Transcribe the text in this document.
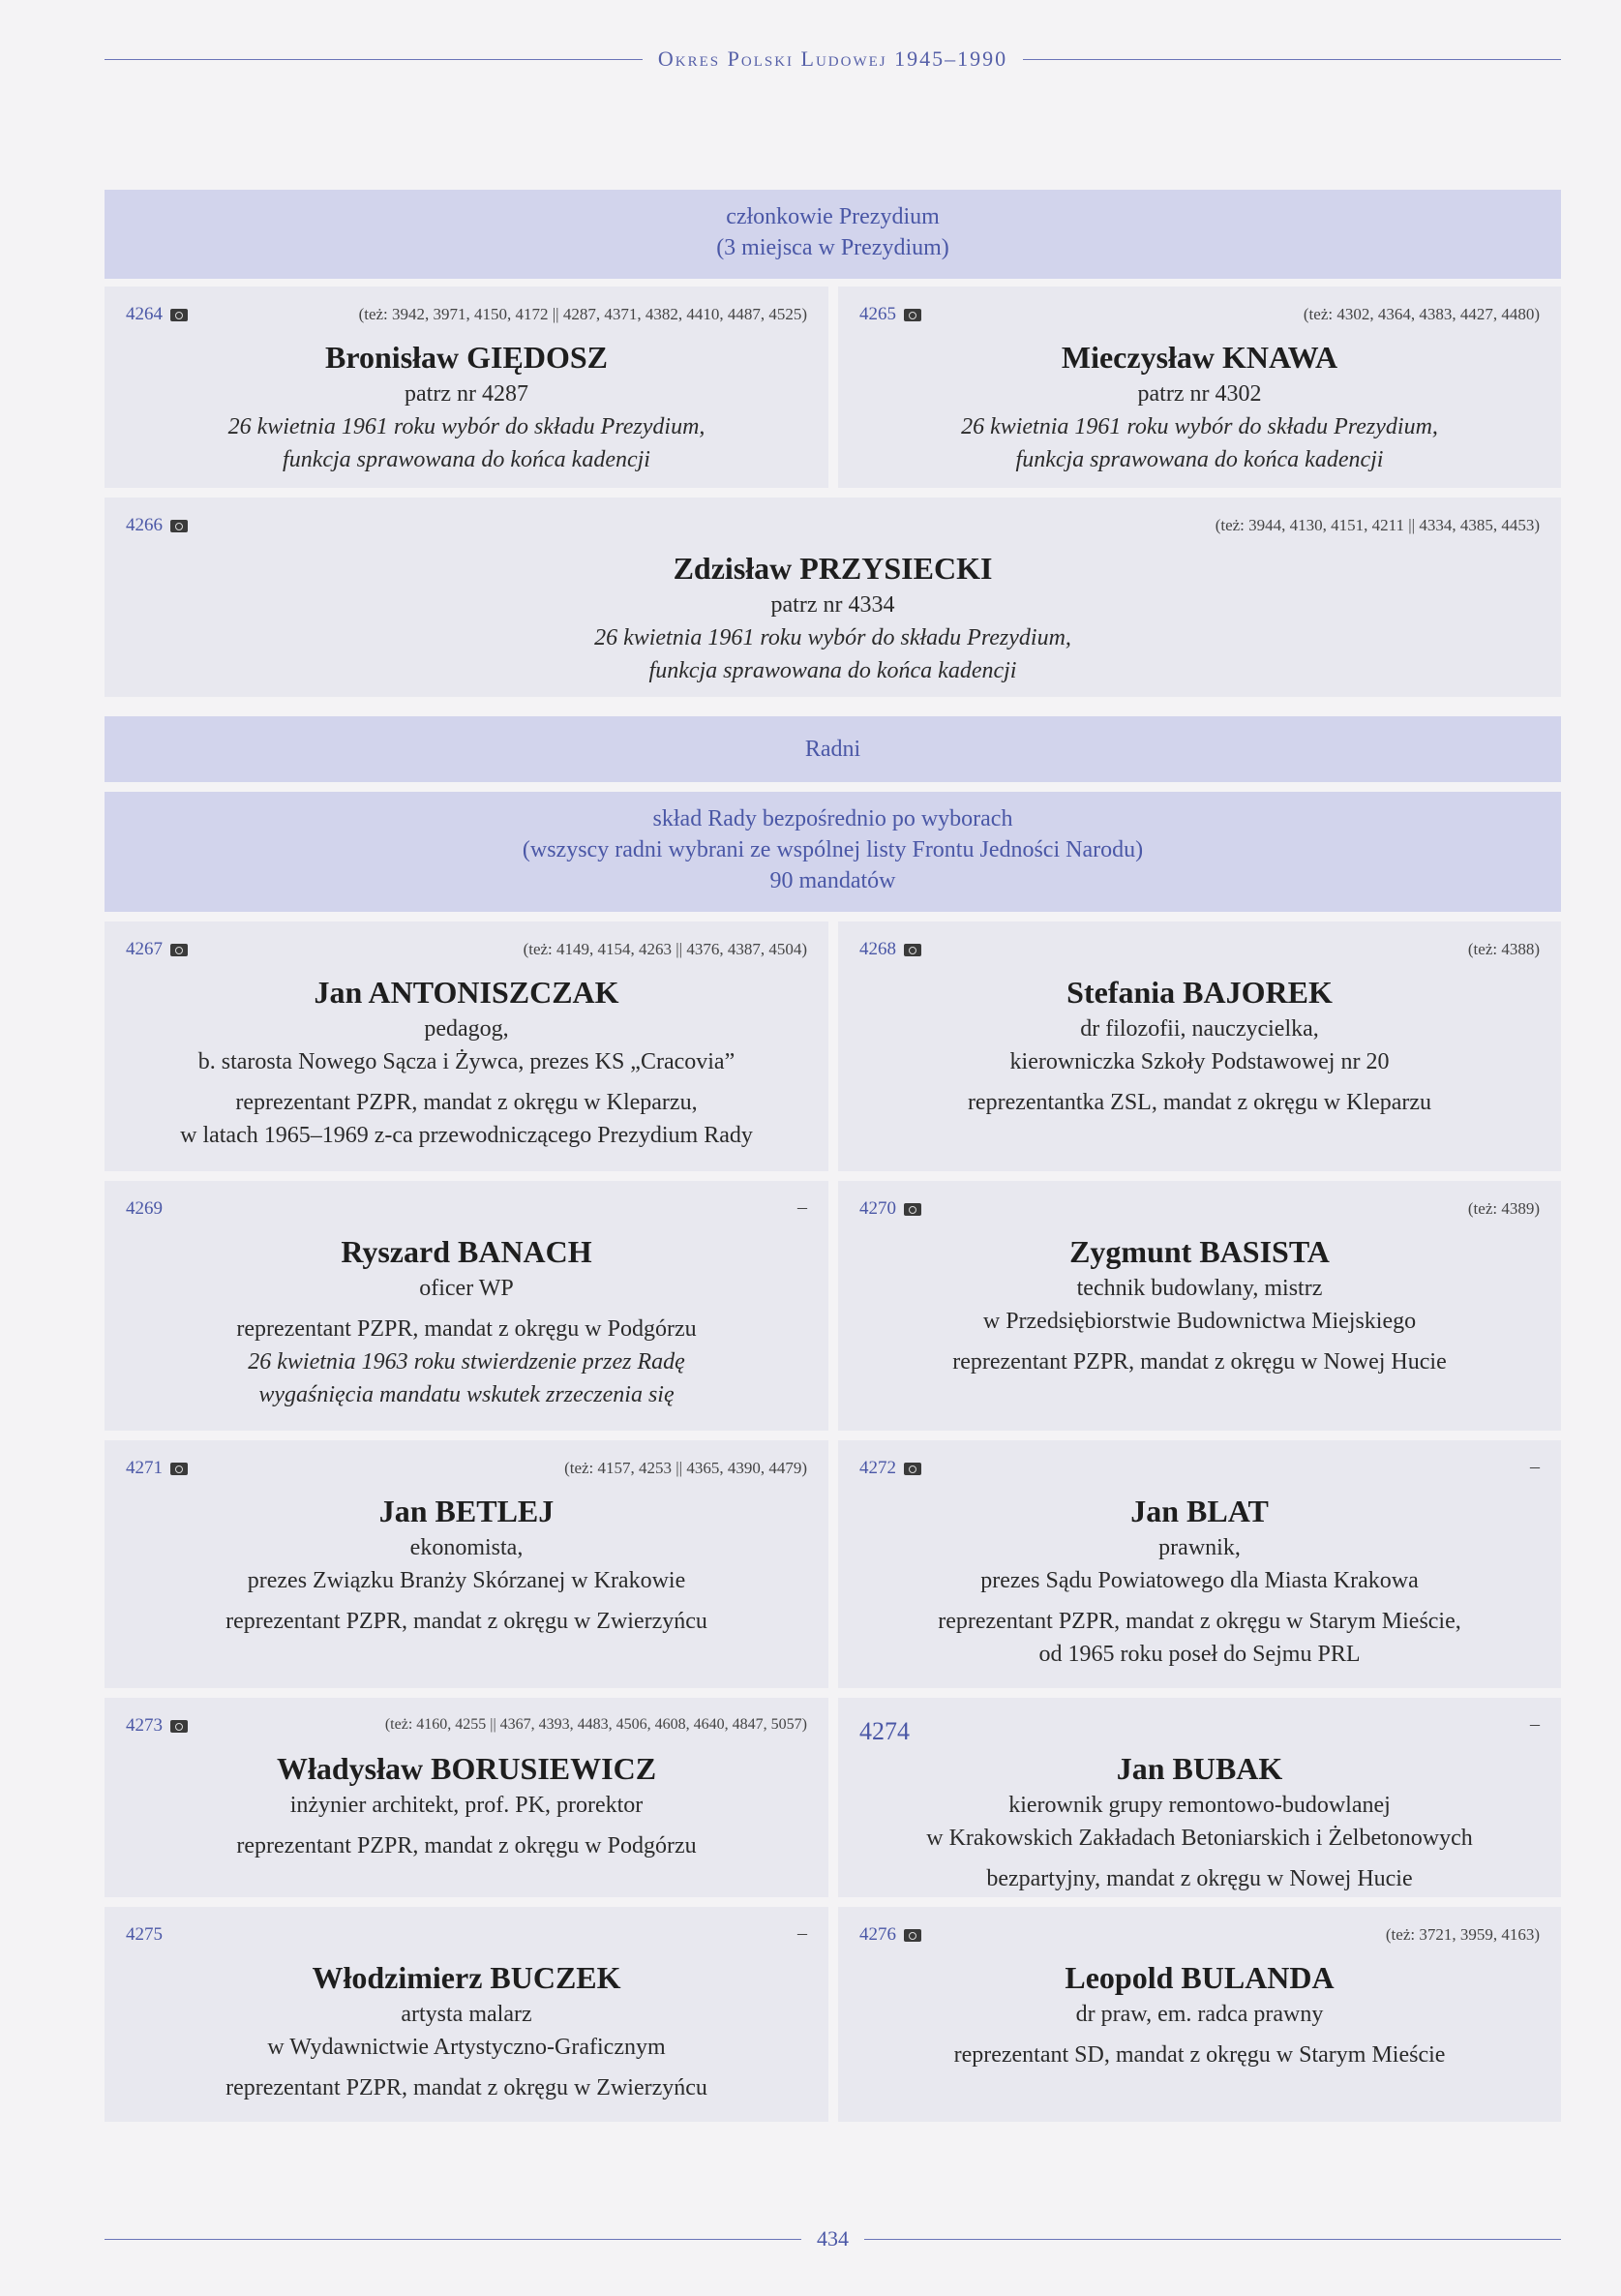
Okres Polski Ludowej 1945–1990
członkowie Prezydium
(3 miejsca w Prezydium)
4264	(też: 3942, 3971, 4150, 4172 || 4287, 4371, 4382, 4410, 4487, 4525)
Bronisław GIĘDOSZ
patrz nr 4287
26 kwietnia 1961 roku wybór do składu Prezydium,
funkcja sprawowana do końca kadencji
4265	(też: 4302, 4364, 4383, 4427, 4480)
Mieczysław KNAWA
patrz nr 4302
26 kwietnia 1961 roku wybór do składu Prezydium,
funkcja sprawowana do końca kadencji
4266	(też: 3944, 4130, 4151, 4211 || 4334, 4385, 4453)
Zdzisław PRZYSIECKI
patrz nr 4334
26 kwietnia 1961 roku wybór do składu Prezydium,
funkcja sprawowana do końca kadencji
Radni
skład Rady bezpośrednio po wyborach
(wszyscy radni wybrani ze wspólnej listy Frontu Jedności Narodu)
90 mandatów
4267	(też: 4149, 4154, 4263 || 4376, 4387, 4504)
Jan ANTONISZCZAK
pedagog,
b. starosta Nowego Sącza i Żywca, prezes KS „Cracovia”
reprezentant PZPR, mandat z okręgu w Kleparzu,
w latach 1965–1969 z-ca przewodniczącego Prezydium Rady
4268	(też: 4388)
Stefania BAJOREK
dr filozofii, nauczycielka,
kierowniczka Szkoły Podstawowej nr 20
reprezentantka ZSL, mandat z okręgu w Kleparzu
4269	–
Ryszard BANACH
oficer WP
reprezentant PZPR, mandat z okręgu w Podgórzu
26 kwietnia 1963 roku stwierdzenie przez Radę
wygaśnięcia mandatu wskutek zrzeczenia się
4270	(też: 4389)
Zygmunt BASISTA
technik budowlany, mistrz
w Przedsiębiorstwie Budownictwa Miejskiego
reprezentant PZPR, mandat z okręgu w Nowej Hucie
4271	(też: 4157, 4253 || 4365, 4390, 4479)
Jan BETLEJ
ekonomista,
prezes Związku Branży Skórzanej w Krakowie
reprezentant PZPR, mandat z okręgu w Zwierzyńcu
4272	–
Jan BLAT
prawnik,
prezes Sądu Powiatowego dla Miasta Krakowa
reprezentant PZPR, mandat z okręgu w Starym Mieście,
od 1965 roku poseł do Sejmu PRL
4273	(też: 4160, 4255 || 4367, 4393, 4483, 4506, 4608, 4640, 4847, 5057)
Władysław BORUSIEWICZ
inżynier architekt, prof. PK, prorektor
reprezentant PZPR, mandat z okręgu w Podgórzu
4274	–
Jan BUBAK
kierownik grupy remontowo-budowlanej
w Krakowskich Zakładach Betoniarskich i Żelbetonowych
bezpartyjny, mandat z okręgu w Nowej Hucie
4275	–
Włodzimierz BUCZEK
artysta malarz
w Wydawnictwie Artystyczno-Graficznym
reprezentant PZPR, mandat z okręgu w Zwierzyńcu
4276	(też: 3721, 3959, 4163)
Leopold BULANDA
dr praw, em. radca prawny
reprezentant SD, mandat z okręgu w Starym Mieście
434
